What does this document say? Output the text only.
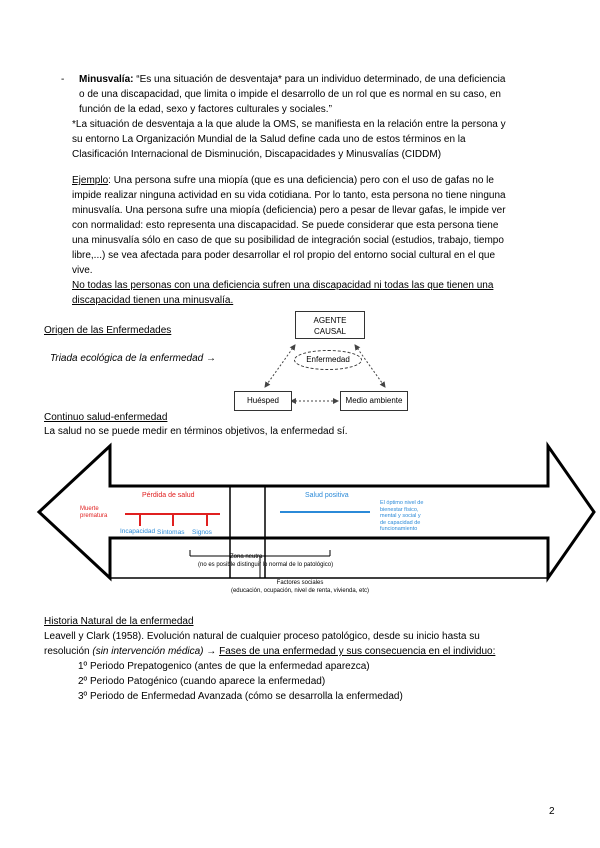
- Minusvalía: “Es una situación de desventaja* para un individuo determinado, de una deficiencia
o de una discapacidad, que limita o impide el desarrollo de un rol que es normal en su caso, en
función de la edad, sexo y factores culturales y sociales.”
*La situación de desventaja a la que alude la OMS, se manifiesta en la relación entre la persona y
su entorno La Organización Mundial de la Salud define cada uno de estos términos en la
Clasificación Internacional de Disminución, Discapacidades y Minusvalías (CIDDM)
Ejemplo: Una persona sufre una miopía (que es una deficiencia) pero con el uso de gafas no le
impide realizar ninguna actividad en su vida cotidiana. Por lo tanto, esta persona no tiene ninguna
minusvalía. Una persona sufre una miopía (deficiencia) pero a pesar de llevar gafas, le impide ver
con normalidad: esto representa una discapacidad. Se puede considerar que esta persona tiene
una minusvalía sólo en caso de que su posibilidad de integración social (estudios, trabajo, tiempo
libre,...) se vea afectada para poder desarrollar el rol propio del entorno social cultural en el que
vive.
No todas las personas con una deficiencia sufren una discapacidad ni todas las que tienen una
discapacidad tienen una minusvalía.
Origen de las Enfermedades
Triada ecológica de la enfermedad →
AGENTE
CAUSAL
Enfermedad
Huésped	Medio ambiente
Continuo salud-enfermedad
La salud no se puede medir en términos objetivos, la enfermedad sí.
Pérdida de salud
Muerte
prematura
Incapacidad Síntomas Signos
Salud positiva
El óptimo nivel de
bienestar físico,
mental y social y
de capacidad de
funcionamiento
Zona neutra
(no es posible distinguir lo normal de lo patológico)
Factores sociales
(educación, ocupación, nivel de renta, vivienda, etc)
Historia Natural de la enfermedad
Leavell y Clark (1958). Evolución natural de cualquier proceso patológico, desde su inicio hasta su
resolución (sin intervención médica) → Fases de una enfermedad y sus consecuencia en el individuo:
1º Periodo Prepatogenico (antes de que la enfermedad aparezca)
2º Periodo Patogénico (cuando aparece la enfermedad)
3º Periodo de Enfermedad Avanzada (cómo se desarrolla la enfermedad)
2
